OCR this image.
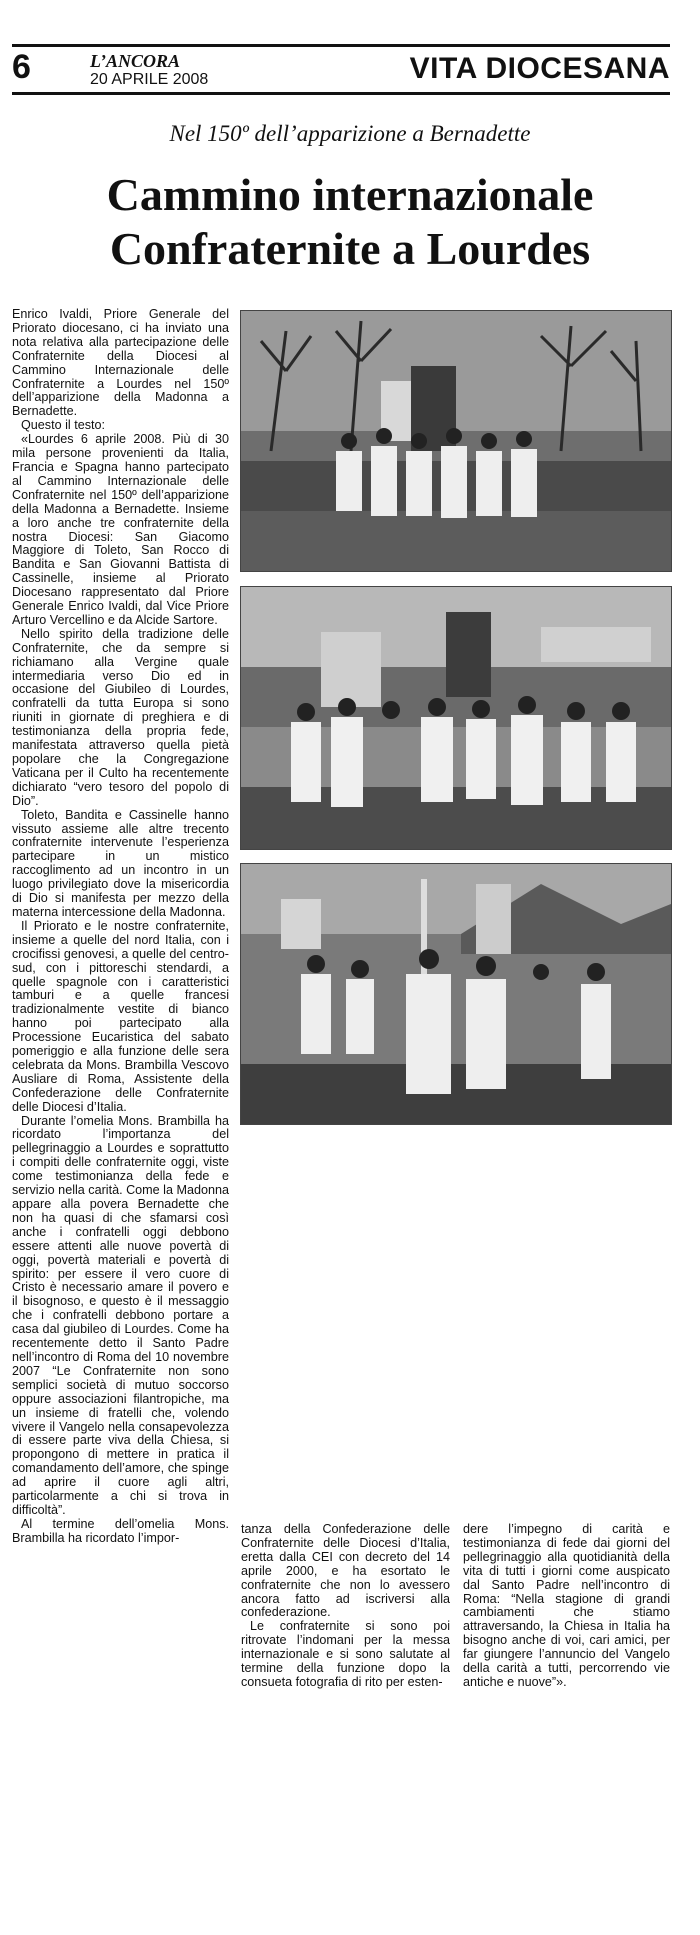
6	L’ANCORA
20 APRILE 2008	VITA DIOCESANA
Nel 150º dell’apparizione a Bernadette
Cammino internazionale
Confraternite a Lourdes

Enrico Ivaldi, Priore Generale del Priorato diocesano, ci ha inviato una nota relativa alla partecipazione delle Confraternite della Diocesi al Cammino Internazionale delle Confraternite a Lourdes nel 150º dell’apparizione della Madonna a Bernadette.

Questo il testo:

«Lourdes 6 aprile 2008. Più di 30 mila persone provenienti da Italia, Francia e Spagna hanno partecipato al Cammino Internazionale delle Confraternite nel 150º dell’apparizione della Madonna a Bernadette. Insieme a loro anche tre confraternite della nostra Diocesi: San Giacomo Maggiore di Toleto, San Rocco di Bandita e San Giovanni Battista di Cassinelle, insieme al Priorato Diocesano rappresentato dal Priore Generale Enrico Ivaldi, dal Vice Priore Arturo Vercellino e da Alcide Sartore.

Nello spirito della tradizione delle Confraternite, che da sempre si richiamano alla Vergine quale intermediaria verso Dio ed in occasione del Giubileo di Lourdes, confratelli da tutta Europa si sono riuniti in giornate di preghiera e di testimonianza della propria fede, manifestata attraverso quella pietà popolare che la Congregazione Vaticana per il Culto ha recentemente dichiarato “vero tesoro del popolo di Dio”.

Toleto, Bandita e Cassinelle hanno vissuto assieme alle altre trecento confraternite intervenute l’esperienza partecipare in un mistico raccoglimento ad un incontro in un luogo privilegiato dove la misericordia di Dio si manifesta per mezzo della materna intercessione della Madonna.

Il Priorato e le nostre confraternite, insieme a quelle del nord Italia, con i crocifissi genovesi, a quelle del centro-sud, con i pittoreschi stendardi, a quelle spagnole con i caratteristici tamburi e a quelle francesi tradizionalmente vestite di bianco hanno poi partecipato alla Processione Eucaristica del sabato pomeriggio e alla funzione delle sera celebrata da Mons. Brambilla Vescovo Ausliare di Roma, Assistente della Confederazione delle Confraternite delle Diocesi d’Italia.

Durante l’omelia Mons. Brambilla ha ricordato l’importanza del pellegrinaggio a Lourdes e soprattutto i compiti delle confraternite oggi, viste come testimonianza della fede e servizio nella carità. Come la Madonna appare alla povera Bernadette che non ha quasi di che sfamarsi così anche i confratelli oggi debbono essere attenti alle nuove povertà di oggi, povertà materiali e povertà di spirito: per essere il vero cuore di Cristo è necessario amare il povero e il bisognoso, e questo è il messaggio che i confratelli debbono portare a casa dal giubileo di Lourdes. Come ha recentemente detto il Santo Padre nell’incontro di Roma del 10 novembre 2007 “Le Confraternite non sono semplici società di mutuo soccorso oppure associazioni filantropiche, ma un insieme di fratelli che, volendo vivere il Vangelo nella consapevolezza di essere parte viva della Chiesa, si propongono di mettere in pratica il comandamento dell’amore, che spinge ad aprire il cuore agli altri, particolarmente a chi si trova in difficoltà”.

Al termine dell’omelia Mons. Brambilla ha ricordato l’impor-

tanza della Confederazione delle Confraternite delle Diocesi d’Italia, eretta dalla CEI con decreto del 14 aprile 2000, e ha esortato le confraternite che non lo avessero ancora fatto ad iscriversi alla confederazione.

Le confraternite si sono poi ritrovate l’indomani per la messa internazionale e si sono salutate al termine della funzione dopo la consueta fotografia di rito per esten-

dere l’impegno di carità e testimonianza di fede dai giorni del pellegrinaggio alla quotidianità della vita di tutti i giorni come auspicato dal Santo Padre nell’incontro di Roma: “Nella stagione di grandi cambiamenti che stiamo attraversando, la Chiesa in Italia ha bisogno anche di voi, cari amici, per far giungere l’annuncio del Vangelo della carità a tutti, percorrendo vie antiche e nuove”».
